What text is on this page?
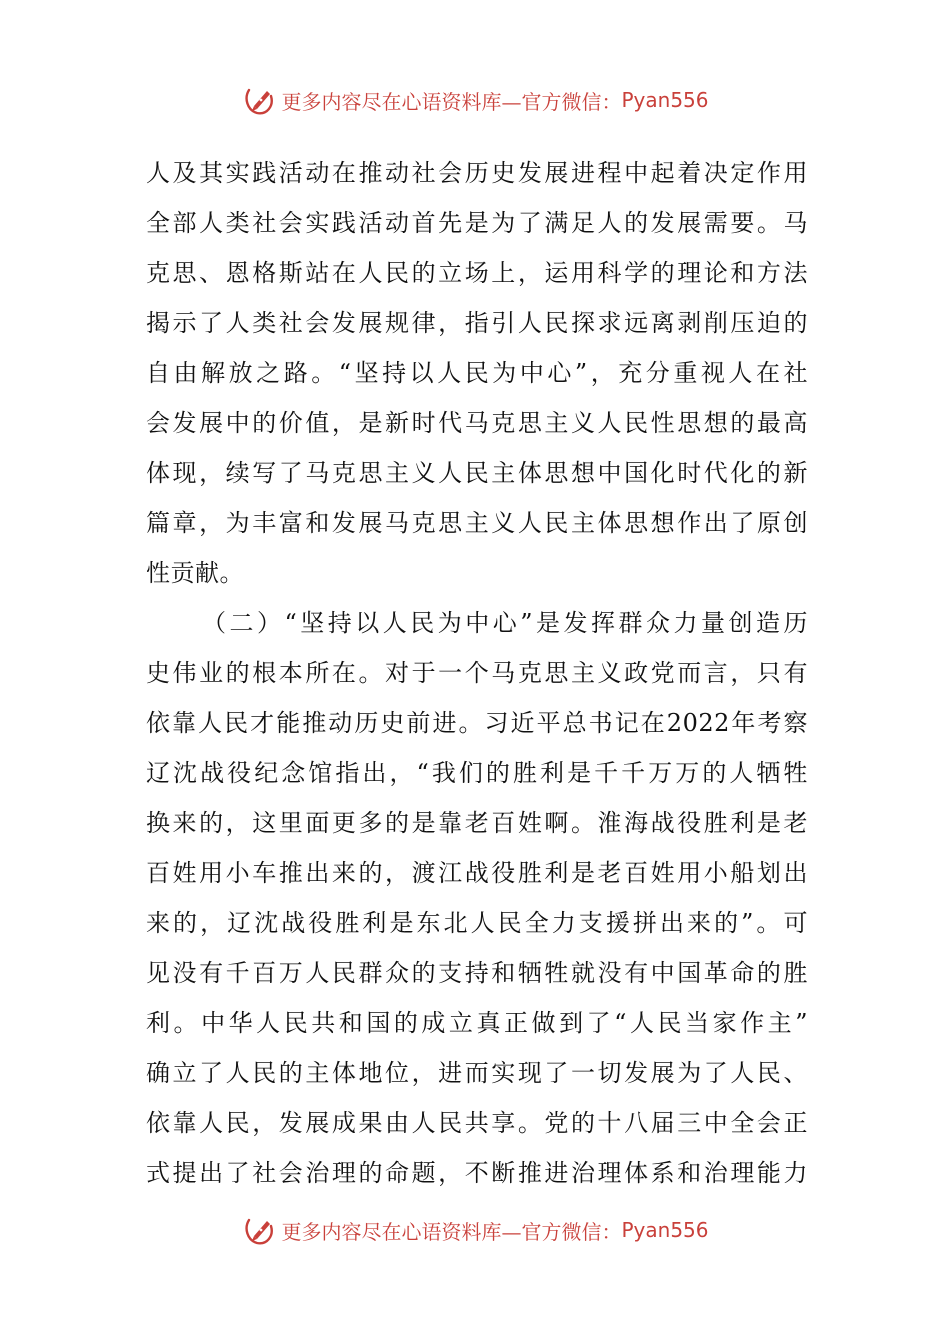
更多内容尽在心语资料库—官方微信： Pyan556
人及其实践活动在推动社会历史发展进程中起着决定作用
全部人类社会实践活动首先是为了满足人的发展需要。马
克思、恩格斯站在人民的立场上，运用科学的理论和方法
揭示了人类社会发展规律，指引人民探求远离剥削压迫的
自由解放之路。“坚持以人民为中心”，充分重视人在社
会发展中的价值，是新时代马克思主义人民性思想的最高
体现，续写了马克思主义人民主体思想中国化时代化的新
篇章，为丰富和发展马克思主义人民主体思想作出了原创
性贡献。
（二）“坚持以人民为中心”是发挥群众力量创造历
史伟业的根本所在。对于一个马克思主义政党而言，只有
依靠人民才能推动历史前进。习近平总书记在2022年考察
辽沈战役纪念馆指出，“我们的胜利是千千万万的人牺牲
换来的，这里面更多的是靠老百姓啊。淮海战役胜利是老
百姓用小车推出来的，渡江战役胜利是老百姓用小船划出
来的，辽沈战役胜利是东北人民全力支援拼出来的”。可
见没有千百万人民群众的支持和牺牲就没有中国革命的胜
利。中华人民共和国的成立真正做到了“人民当家作主”
确立了人民的主体地位，进而实现了一切发展为了人民、
依靠人民，发展成果由人民共享。党的十八届三中全会正
式提出了社会治理的命题，不断推进治理体系和治理能力
更多内容尽在心语资料库—官方微信： Pyan556
